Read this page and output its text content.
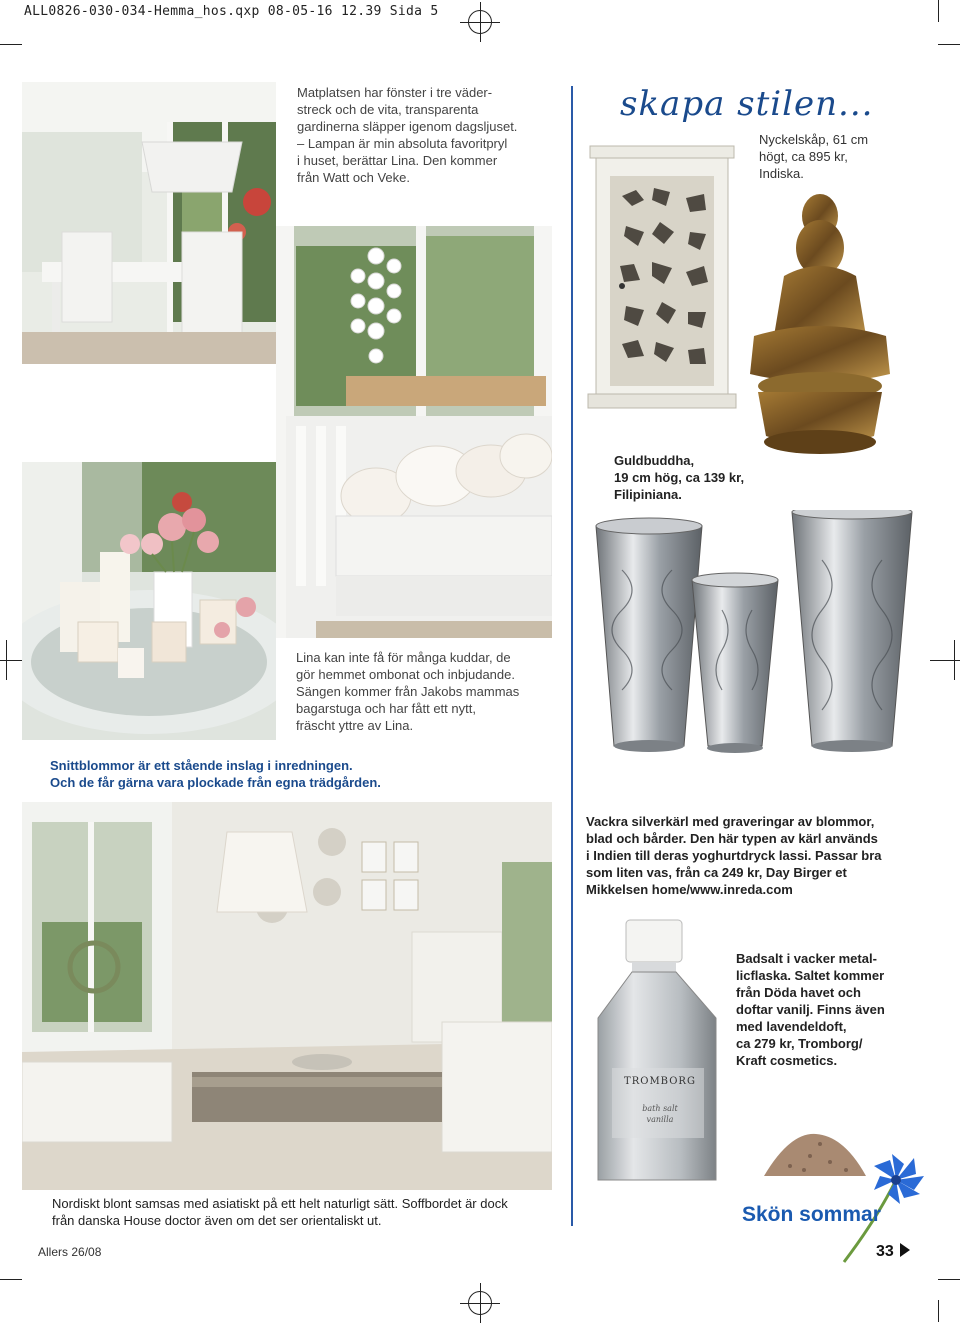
ALL0826-030-034-Hemma_hos.qxp 08-05-16 12.39 Sida 5
Matplatsen har fönster i tre väder-
streck och de vita, transparenta
gardinerna släpper igenom dagsljuset.
– Lampan är min absoluta favoritpryl
i huset, berättar Lina. Den kommer
från Watt och Veke.
Lina kan inte få för många kuddar, de
gör hemmet ombonat och inbjudande.
Sängen kommer från Jakobs mammas
bagarstuga och har fått ett nytt,
fräscht yttre av Lina.
Snittblommor är ett stående inslag i inredningen.
Och de får gärna vara plockade från egna trädgården.
Nordiskt blont samsas med asiatiskt på ett helt naturligt sätt. Soffbordet är dock
från danska House doctor även om det ser orientaliskt ut.
skapa stilen...
Nyckelskåp, 61 cm
högt, ca 895 kr,
Indiska.
Guldbuddha,
19 cm hög, ca 139 kr,
Filipiniana.
Vackra silverkärl med graveringar av blommor,
blad och bårder. Den här typen av kärl används
i Indien till deras yoghurtdryck lassi. Passar bra
som liten vas, från ca 249 kr, Day Birger et
Mikkelsen home/www.inreda.com
TROMBORG
bath salt
vanilla
Badsalt i vacker metal-
licflaska. Saltet kommer
från Döda havet och
doftar vanilj. Finns även
med lavendeldoft,
ca 279 kr, Tromborg/
Kraft cosmetics.
Skön sommar
Allers 26/08	33
